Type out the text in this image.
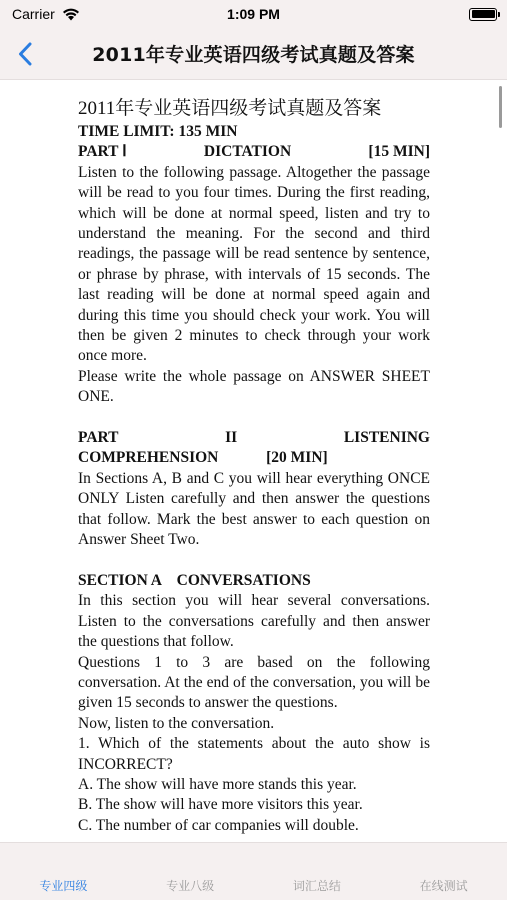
Carrier	1:09 PM
2011年专业英语四级考试真题及答案

2011年专业英语四级考试真题及答案

TIME LIMIT: 135 MIN

PART Ⅰ	DICTATION	[15 MIN]

Listen to the following passage. Altogether the passage will be read to you four times. During the first reading, which will be done at normal speed, listen and try to understand the meaning. For the second and third readings, the passage will be read sentence by sentence, or phrase by phrase, with intervals of 15 seconds. The last reading will be done at normal speed again and during this time you should check your work. You will then be given 2 minutes to check through your work once more.

Please write the whole passage on ANSWER SHEET ONE.

PART	II	LISTENING
COMPREHENSION	[20 MIN]

In Sections A, B and C you will hear everything ONCE ONLY Listen carefully and then answer the questions that follow. Mark the best answer to each question on Answer Sheet Two.

SECTION A    CONVERSATIONS

In this section you will hear several conversations. Listen to the conversations carefully and then answer the questions that follow.

Questions 1 to 3 are based on the following conversation. At the end of the conversation, you will be given 15 seconds to answer the questions.

Now, listen to the conversation.

1. Which of the statements about the auto show is INCORRECT?

A. The show will have more stands this year.

B. The show will have more visitors this year.

C. The number of car companies will double.

专业四级	专业八级	词汇总结	在线测试
